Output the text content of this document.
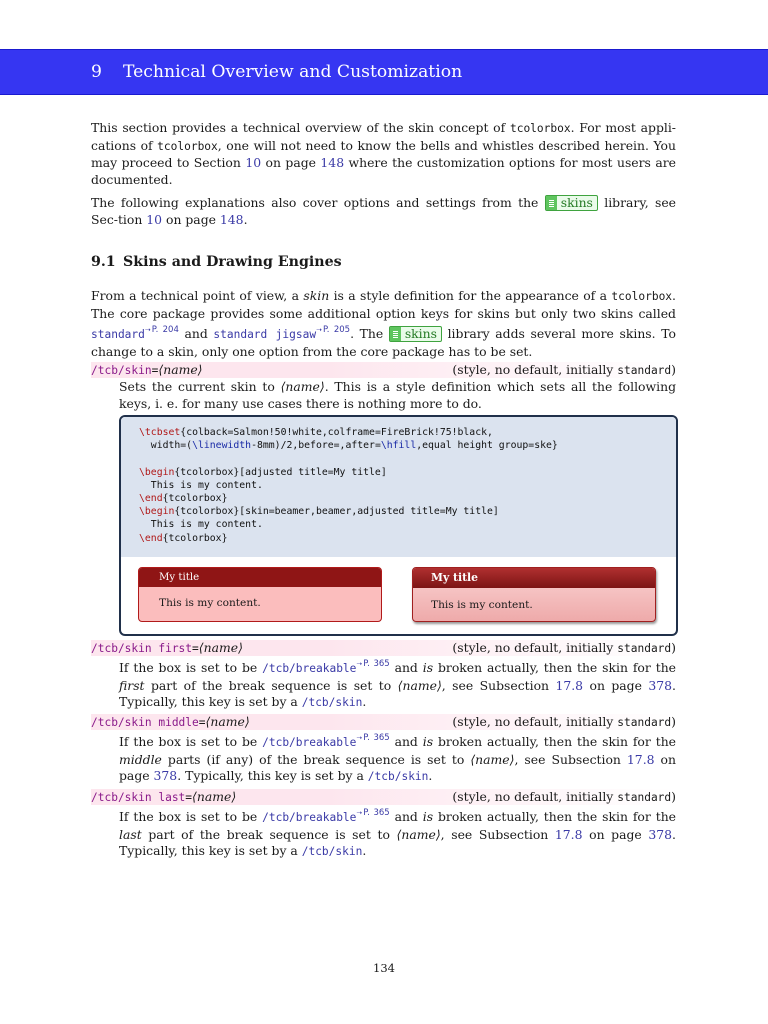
9 Technical Overview and Customization

This section provides a technical overview of the skin concept of tcolorbox. For most appli-cations of tcolorbox, one will not need to know the bells and whistles described herein. You may proceed to Section 10 on page 148 where the customization options for most users are documented.

The following explanations also cover options and settings from the skins library, see Sec-tion 10 on page 148.

9.1 Skins and Drawing Engines

From a technical point of view, a skin is a style definition for the appearance of a tcolorbox. The core package provides some additional option keys for skins but only two skins called standard$^{➝P. 204}$ and standard jigsaw$^{➝P. 205}$. The skins library adds several more skins. To change to a skin, only one option from the core package has to be set.

/tcb/skin=⟨name⟩	(style, no default, initially standard)

Sets the current skin to ⟨name⟩. This is a style definition which sets all the following keys, i. e. for many use cases there is nothing more to do.

\tcbset{colback=Salmon!50!white,colframe=FireBrick!75!black,
width=(\linewidth-8mm)/2,before=,after=\hfill,equal height group=ske}

\begin{tcolorbox}[adjusted title=My title]
This is my content.
\end{tcolorbox}
\begin{tcolorbox}[skin=beamer,beamer,adjusted title=My title]
This is my content.
\end{tcolorbox}
My title
This is my content.
My title
This is my content.
/tcb/skin first=⟨name⟩	(style, no default, initially standard)

If the box is set to be /tcb/breakable$^{➝P. 365}$ and is broken actually, then the skin for the first part of the break sequence is set to ⟨name⟩, see Subsection 17.8 on page 378. Typically, this key is set by a /tcb/skin.

/tcb/skin middle=⟨name⟩	(style, no default, initially standard)

If the box is set to be /tcb/breakable$^{➝P. 365}$ and is broken actually, then the skin for the middle parts (if any) of the break sequence is set to ⟨name⟩, see Subsection 17.8 on page 378. Typically, this key is set by a /tcb/skin.

/tcb/skin last=⟨name⟩	(style, no default, initially standard)

If the box is set to be /tcb/breakable$^{➝P. 365}$ and is broken actually, then the skin for the last part of the break sequence is set to ⟨name⟩, see Subsection 17.8 on page 378. Typically, this key is set by a /tcb/skin.

134
